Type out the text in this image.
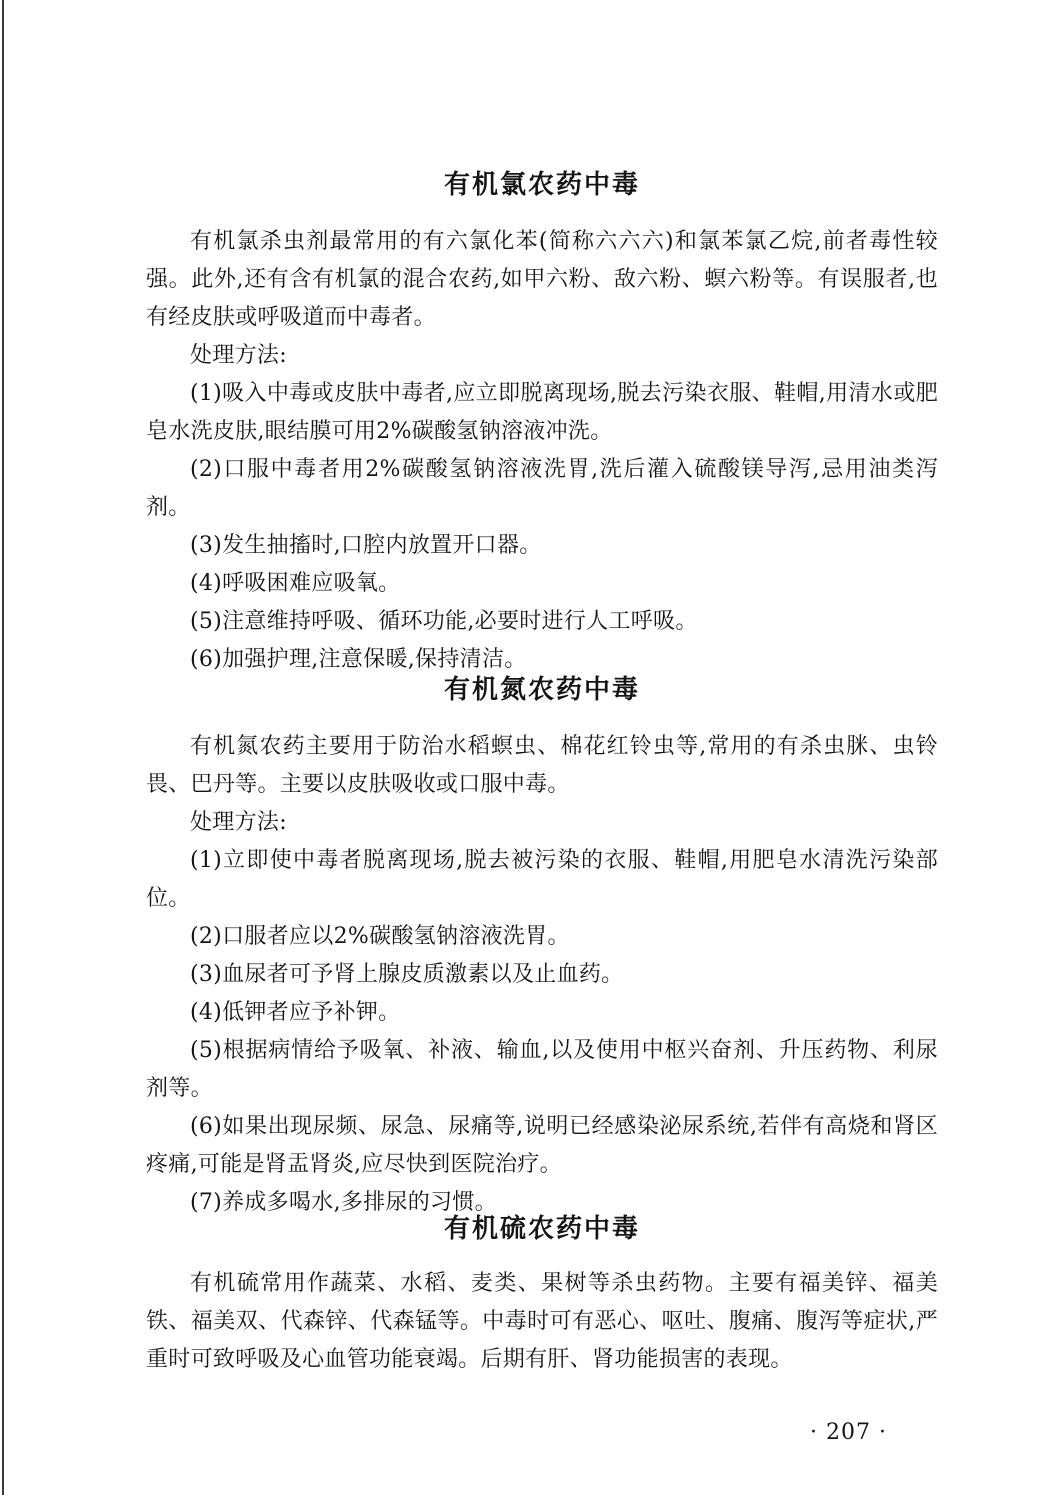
有机氯农药中毒

有机氯杀虫剂最常用的有六氯化苯(简称六六六)和氯苯氯乙烷,前者毒性较强。此外,还有含有机氯的混合农药,如甲六粉、敌六粉、螟六粉等。有误服者,也有经皮肤或呼吸道而中毒者。

处理方法:

(1)吸入中毒或皮肤中毒者,应立即脱离现场,脱去污染衣服、鞋帽,用清水或肥皂水洗皮肤,眼结膜可用2%碳酸氢钠溶液冲洗。

(2)口服中毒者用2%碳酸氢钠溶液洗胃,洗后灌入硫酸镁导泻,忌用油类泻剂。

(3)发生抽搐时,口腔内放置开口器。

(4)呼吸困难应吸氧。

(5)注意维持呼吸、循环功能,必要时进行人工呼吸。

(6)加强护理,注意保暖,保持清洁。

有机氮农药中毒

有机氮农药主要用于防治水稻螟虫、棉花红铃虫等,常用的有杀虫脒、虫铃畏、巴丹等。主要以皮肤吸收或口服中毒。

处理方法:

(1)立即使中毒者脱离现场,脱去被污染的衣服、鞋帽,用肥皂水清洗污染部位。

(2)口服者应以2%碳酸氢钠溶液洗胃。

(3)血尿者可予肾上腺皮质激素以及止血药。

(4)低钾者应予补钾。

(5)根据病情给予吸氧、补液、输血,以及使用中枢兴奋剂、升压药物、利尿剂等。

(6)如果出现尿频、尿急、尿痛等,说明已经感染泌尿系统,若伴有高烧和肾区疼痛,可能是肾盂肾炎,应尽快到医院治疗。

(7)养成多喝水,多排尿的习惯。

有机硫农药中毒

有机硫常用作蔬菜、水稻、麦类、果树等杀虫药物。主要有福美锌、福美铁、福美双、代森锌、代森锰等。中毒时可有恶心、呕吐、腹痛、腹泻等症状,严重时可致呼吸及心血管功能衰竭。后期有肝、肾功能损害的表现。

· 207 ·
